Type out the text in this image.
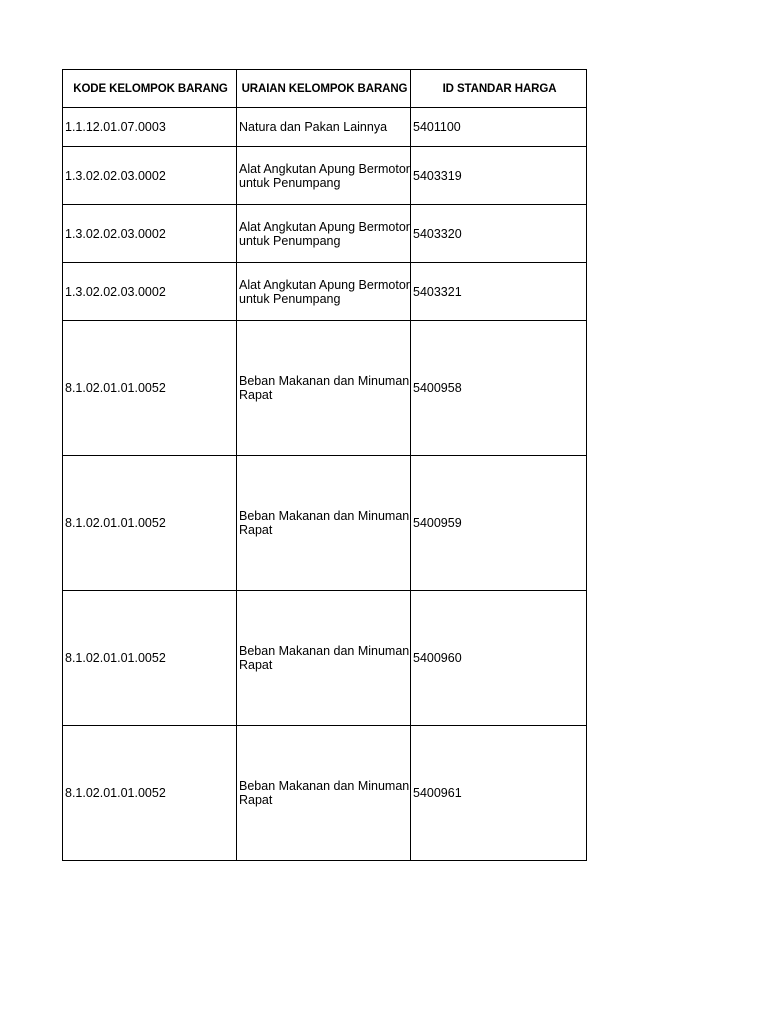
KODE KELOMPOK BARANG	URAIAN KELOMPOK BARANG	ID STANDAR HARGA
1.1.12.01.07.0003	Natura dan Pakan Lainnya	5401100
1.3.02.02.03.0002	Alat Angkutan Apung Bermotor untuk Penumpang	5403319
1.3.02.02.03.0002	Alat Angkutan Apung Bermotor untuk Penumpang	5403320
1.3.02.02.03.0002	Alat Angkutan Apung Bermotor untuk Penumpang	5403321
8.1.02.01.01.0052	Beban Makanan dan Minuman Rapat	5400958
8.1.02.01.01.0052	Beban Makanan dan Minuman Rapat	5400959
8.1.02.01.01.0052	Beban Makanan dan Minuman Rapat	5400960
8.1.02.01.01.0052	Beban Makanan dan Minuman Rapat	5400961
